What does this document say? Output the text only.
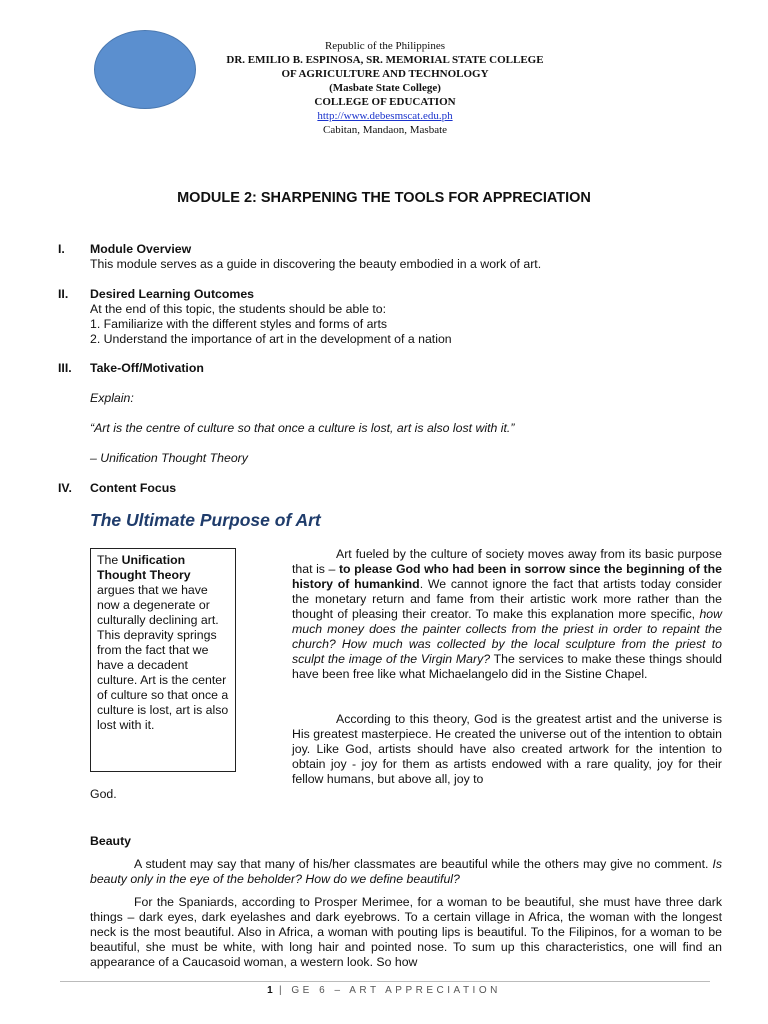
Republic of the Philippines
DR. EMILIO B. ESPINOSA, SR. MEMORIAL STATE COLLEGE
OF AGRICULTURE AND TECHNOLOGY
(Masbate State College)
COLLEGE OF EDUCATION
http://www.debesmscat.edu.ph
Cabitan, Mandaon, Masbate
MODULE 2: SHARPENING THE TOOLS FOR APPRECIATION
I.	Module Overview
This module serves as a guide in discovering the beauty embodied in a work of art.
II.	Desired Learning Outcomes
At the end of this topic, the students should be able to:
1. Familiarize with the different styles and forms of arts
2. Understand the importance of art in the development of a nation
III.	Take-Off/Motivation
Explain:
“Art is the centre of culture so that once a culture is lost, art is also lost with it.”
– Unification Thought Theory
IV.	Content Focus
The Ultimate Purpose of Art
The Unification Thought Theory argues that we have now a degenerate or culturally declining art. This depravity springs from the fact that we have a decadent culture. Art is the center of culture so that once a culture is lost, art is also lost with it.
Art fueled by the culture of society moves away from its basic purpose that is – to please God who had been in sorrow since the beginning of the history of humankind. We cannot ignore the fact that artists today consider the monetary return and fame from their artistic work more rather than the thought of pleasing their creator. To make this explanation more specific, how much money does the painter collects from the priest in order to repaint the church? How much was collected by the local sculpture from the priest to sculpt the image of the Virgin Mary? The services to make these things should have been free like what Michaelangelo did in the Sistine Chapel.
According to this theory, God is the greatest artist and the universe is His greatest masterpiece. He created the universe out of the intention to obtain joy. Like God, artists should have also created artwork for the intention to obtain joy - joy for them as artists endowed with a rare quality, joy for their fellow humans, but above all, joy to
God.
Beauty
A student may say that many of his/her classmates are beautiful while the others may give no comment. Is beauty only in the eye of the beholder? How do we define beautiful?
For the Spaniards, according to Prosper Merimee, for a woman to be beautiful, she must have three dark things – dark eyes, dark eyelashes and dark eyebrows. To a certain village in Africa, the woman with the longest neck is the most beautiful. Also in Africa, a woman with pouting lips is beautiful. To the Filipinos, for a woman to be beautiful, she must be white, with long hair and pointed nose. To sum up this characteristics, one will find an appearance of a Caucasoid woman, a western look. So how
1 | GE 6 – ART APPRECIATION
